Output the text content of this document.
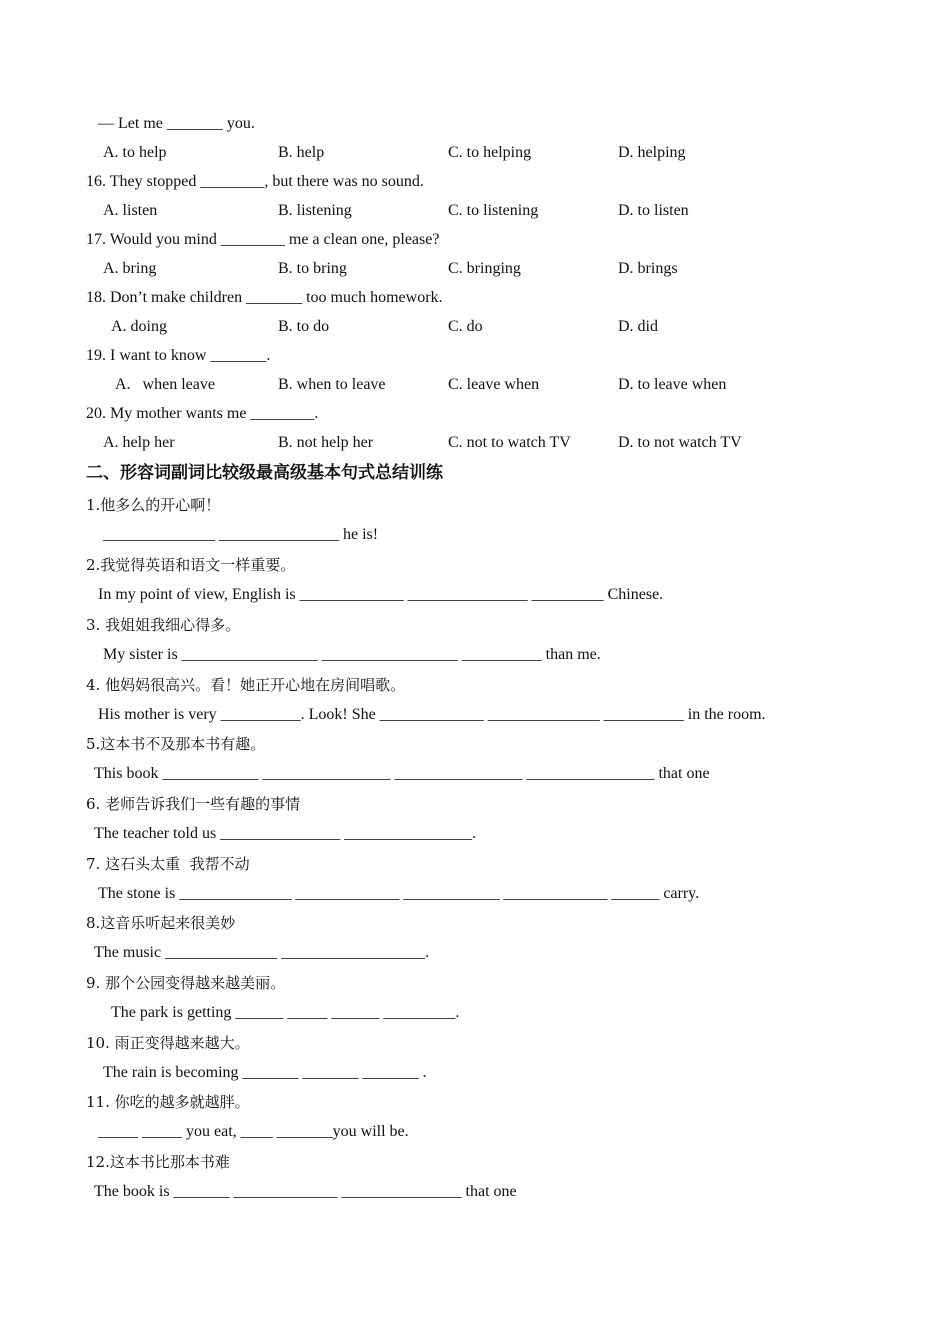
— Let me _______ you.
A. to help	B. help	C. to helping	D. helping
16. They stopped ________, but there was no sound.
A. listen	B. listening	C. to listening	D. to listen
17. Would you mind ________ me a clean one, please?
A. bring	B. to bring	C. bringing	D. brings
18. Don’t make children _______ too much homework.
A. doing	B. to do	C. do	D. did
19. I want to know _______.
A.   when leave	B. when to leave	C. leave when	D. to leave when
20. My mother wants me ________.
A. help her	B. not help her	C. not to watch TV	D. to not watch TV
二、形容词副词比较级最高级基本句式总结训练
1.他多么的开心啊！
______________ _______________ he is!
2.我觉得英语和语文一样重要。
In my point of view, English is _____________ _______________ _________ Chinese.
3. 我姐姐我细心得多。
My sister is _________________ _________________ __________ than me.
4. 他妈妈很高兴。看！她正开心地在房间唱歌。
His mother is very __________. Look! She _____________ ______________ __________ in the room.
5.这本书不及那本书有趣。
This book ____________ ________________ ________________ ________________ that one
6. 老师告诉我们一些有趣的事情
The teacher told us _______________ ________________.
7. 这石头太重  我帮不动
The stone is ______________ _____________ ____________ _____________ ______ carry.
8.这音乐听起来很美妙
The music ______________ __________________.
9. 那个公园变得越来越美丽。
The park is getting ______ _____ ______ _________.
10. 雨正变得越来越大。
The rain is becoming _______ _______ _______ .
11. 你吃的越多就越胖。
_____ _____ you eat, ____ _______you will be.
12.这本书比那本书难
The book is _______ _____________ _______________ that one
